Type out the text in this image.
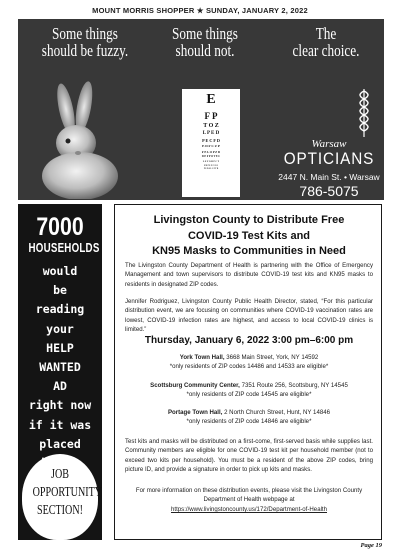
MOUNT MORRIS SHOPPER ★ SUNDAY, JANUARY 2, 2022
Some things
should be fuzzy.
Some things
should not.
The
clear choice.
E
F P
T O Z
L P E D
P E C F D
E D F C Z P
F E L O P Z D
D E F P O T E C
L E F O D P C T
F D P L T C E O
P E Z O L C F T D
Warsaw
OPTICIANS
2447 N. Main St. • Warsaw
786-5075
7000
HOUSEHOLDS
would
be
reading
your
HELP
WANTED
AD
right now
if it was
placed
JOB
OPPORTUNITY
SECTION!
Livingston County to Distribute Free
COVID-19 Test Kits and
KN95 Masks to Communities in Need
The Livingston County Department of Health is partnering with the Office of Emergency Management and town supervisors to distribute COVID-19 test kits and KN95 masks to residents in designated ZIP codes.
Jennifer Rodriguez, Livingston County Public Health Director, stated, “For this particular distribution event, we are focusing on communities where COVID-19 vaccination rates are lowest, COVID-19 infection rates are highest, and access to local COVID-19 clinics is limited.”
Thursday, January 6, 2022 3:00 pm–6:00 pm
York Town Hall, 3668 Main Street, York, NY 14592
*only residents of ZIP codes 14486 and 14533 are eligible*
Scottsburg Community Center, 7351 Route 256, Scottsburg, NY 14545
*only residents of ZIP code 14545 are eligible*
Portage Town Hall, 2 North Church Street, Hunt, NY 14846
*only residents of ZIP code 14846 are eligible*
Test kits and masks will be distributed on a first-come, first-served basis while supplies last. Community members are eligible for one COVID-19 test kit per household member (not to exceed two kits per household). You must be a resident of the above ZIP codes, bring picture ID, and provide a signature in order to pick up kits and masks.
For more information on these distribution events, please visit the Livingston County Department of Health webpage at
https://www.livingstoncounty.us/172/Department-of-Health
Page 19
